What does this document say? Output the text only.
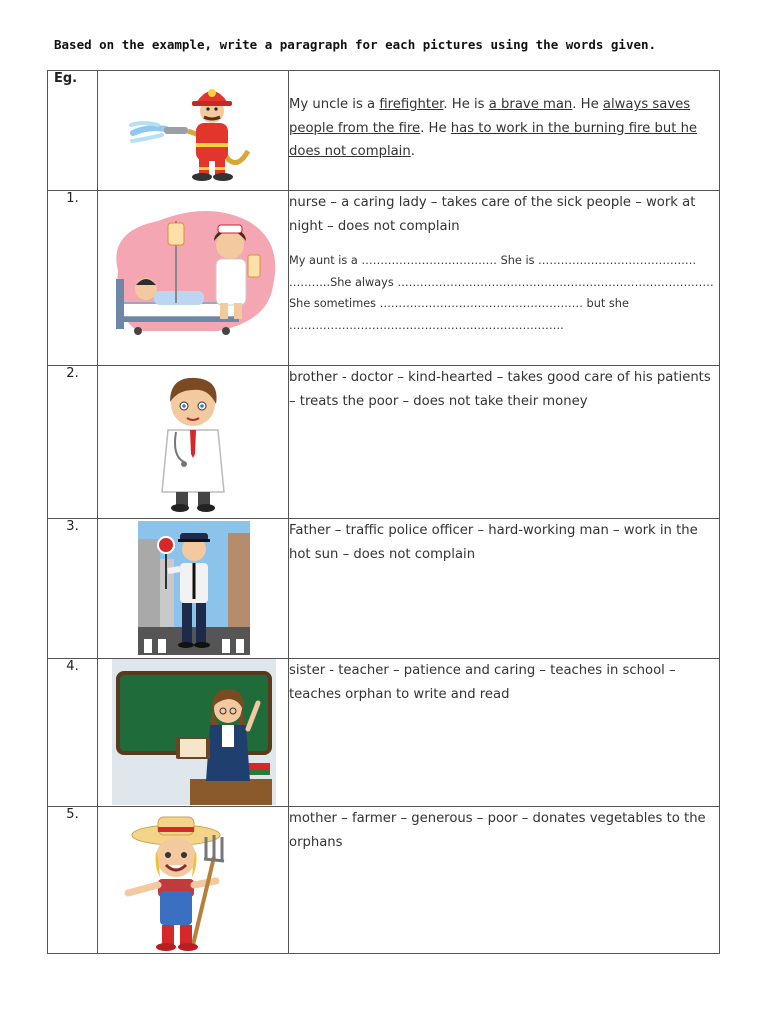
Based on the example, write a paragraph for each pictures using the words given.
Eg.		My uncle is a firefighter. He is a brave man. He always saves people from the fire. He has to work in the burning fire but he does not complain.

1.		nurse – a caring lady – takes care of the sick people – work at night – does not complain
My aunt is a ……………………………… She is …………………………………… ………..She always ………………………………………………………………………… She sometimes ……………………………………………… but she ……………………………………………………………….

2.		brother - doctor – kind-hearted – takes good care of his patients – treats the poor – does not take their money

3.		Father – traffic police officer – hard-working man – work in the hot sun – does not complain

4.		sister - teacher – patience and caring – teaches in school – teaches orphan to write and read

5.		mother – farmer – generous – poor – donates vegetables to the orphans
